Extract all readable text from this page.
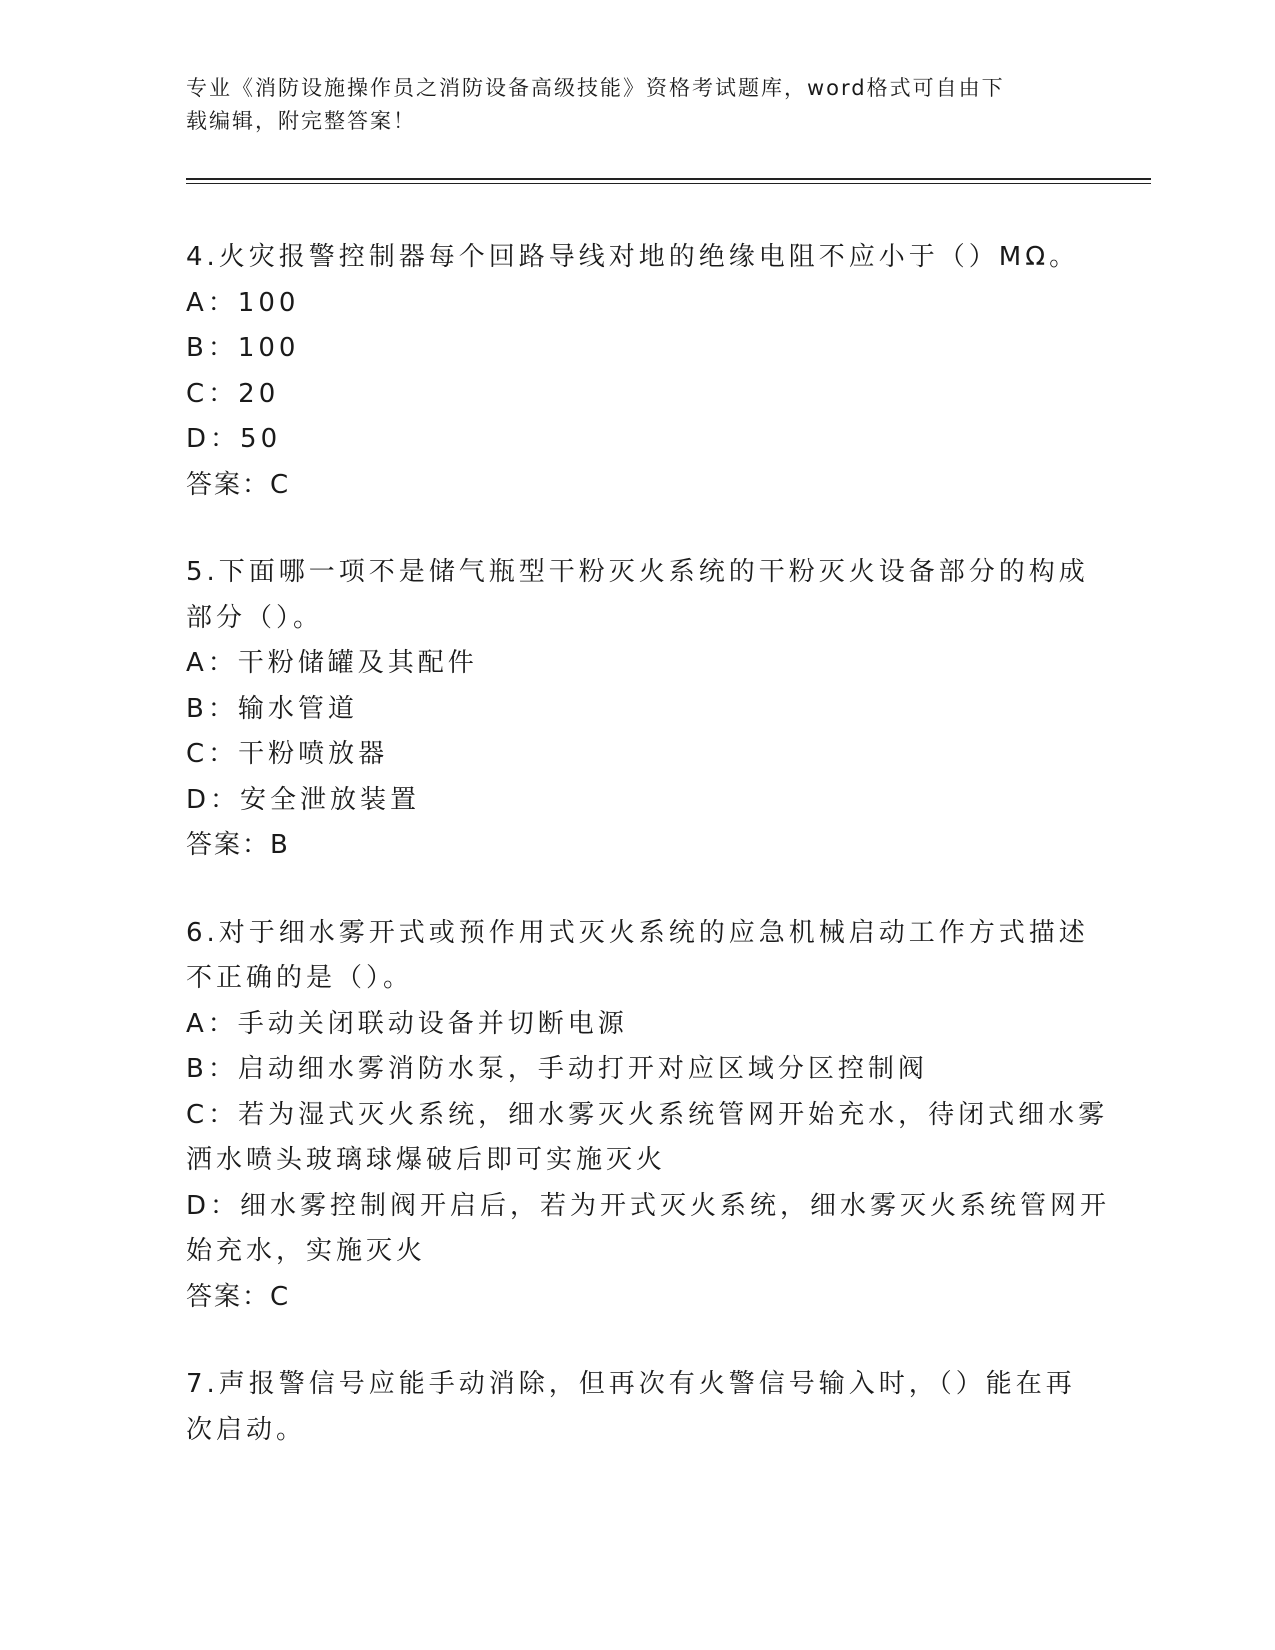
专业《消防设施操作员之消防设备高级技能》资格考试题库，word格式可自由下
载编辑，附完整答案！
4.火灾报警控制器每个回路导线对地的绝缘电阻不应小于（）MΩ。
A：100
B：100
C：20
D：50
答案：C
5.下面哪一项不是储气瓶型干粉灭火系统的干粉灭火设备部分的构成
部分（）。
A：干粉储罐及其配件
B：输水管道
C：干粉喷放器
D：安全泄放装置
答案：B
6.对于细水雾开式或预作用式灭火系统的应急机械启动工作方式描述
不正确的是（）。
A：手动关闭联动设备并切断电源
B：启动细水雾消防水泵，手动打开对应区域分区控制阀
C：若为湿式灭火系统，细水雾灭火系统管网开始充水，待闭式细水雾
洒水喷头玻璃球爆破后即可实施灭火
D：细水雾控制阀开启后，若为开式灭火系统，细水雾灭火系统管网开
始充水，实施灭火
答案：C
7.声报警信号应能手动消除，但再次有火警信号输入时，（）能在再
次启动。
